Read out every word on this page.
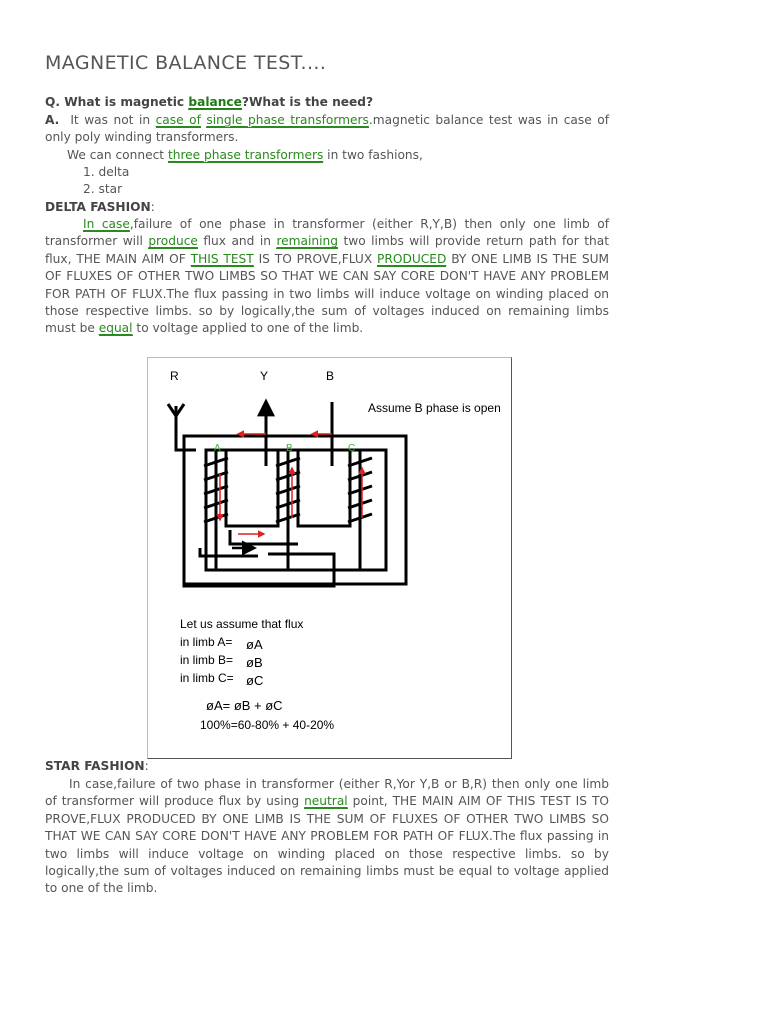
MAGNETIC BALANCE TEST....

Q. What is magnetic balance?What is the need?

A. It was not in case of single phase transformers.magnetic balance test was in case of only poly winding transformers.

We can connect three phase transformers in two fashions,

1. delta

2. star

DELTA FASHION:

In case,failure of one phase in transformer (either R,Y,B) then only one limb of transformer will produce flux and in remaining two limbs will provide return path for that flux, THE MAIN AIM OF THIS TEST IS TO PROVE,FLUX PRODUCED BY ONE LIMB IS THE SUM OF FLUXES OF OTHER TWO LIMBS SO THAT WE CAN SAY CORE DON'T HAVE ANY PROBLEM FOR PATH OF FLUX.The flux passing in two limbs will induce voltage on winding placed on those respective limbs. so by logically,the sum of voltages induced on remaining limbs must be equal to voltage applied to one of the limb.

STAR FASHION:

In case,failure of two phase in transformer (either R,Yor Y,B or B,R) then only one limb of transformer will produce flux by using neutral point, THE MAIN AIM OF THIS TEST IS TO PROVE,FLUX PRODUCED BY ONE LIMB IS THE SUM OF FLUXES OF OTHER TWO LIMBS SO THAT WE CAN SAY CORE DON'T HAVE ANY PROBLEM FOR PATH OF FLUX.The flux passing in two limbs will induce voltage on winding placed on those respective limbs. so by logically,the sum of voltages induced on remaining limbs must be equal to voltage applied to one of the limb.

R	Y	B
Assume B phase is open
A	B	C
Let us assume that flux
in limb A= øA
in limb B= øB
in limb C= øC
øA= øB + øC
100%=60-80% + 40-20%
